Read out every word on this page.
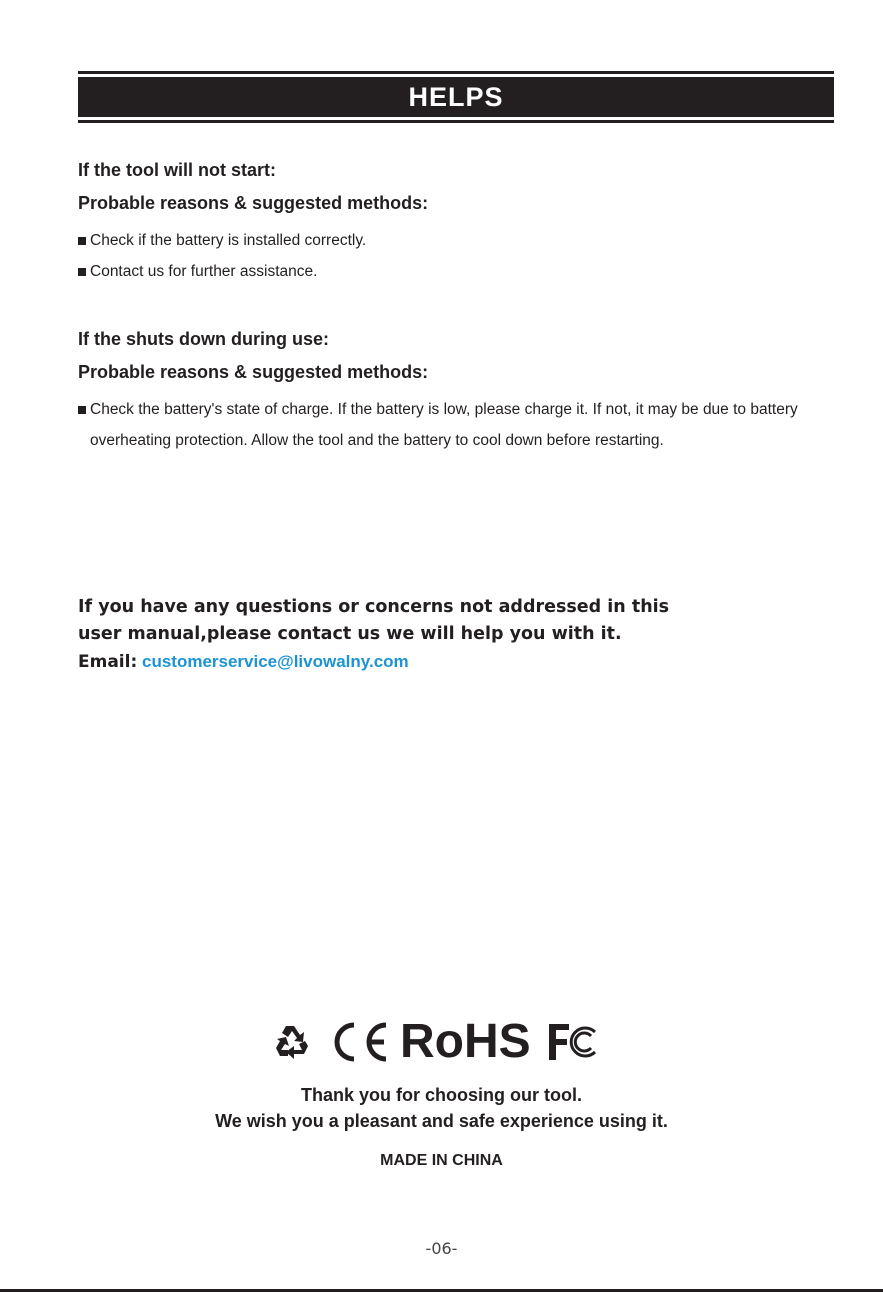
HELPS

If the tool will not start:

Probable reasons & suggested methods:

Check if the battery is installed correctly.

Contact us for further assistance.

If the shuts down during use:

Probable reasons & suggested methods:

Check the battery's state of charge. If the battery is low, please charge it. If not, it may be due to battery overheating protection. Allow the tool and the battery to cool down before restarting.

If you have any questions or concerns not addressed in this

user manual,please contact us we will help you with it.

Email: customerservice@livowalny.com

RoHS

Thank you for choosing our tool.

We wish you a pleasant and safe experience using it.

MADE IN CHINA
-06-
